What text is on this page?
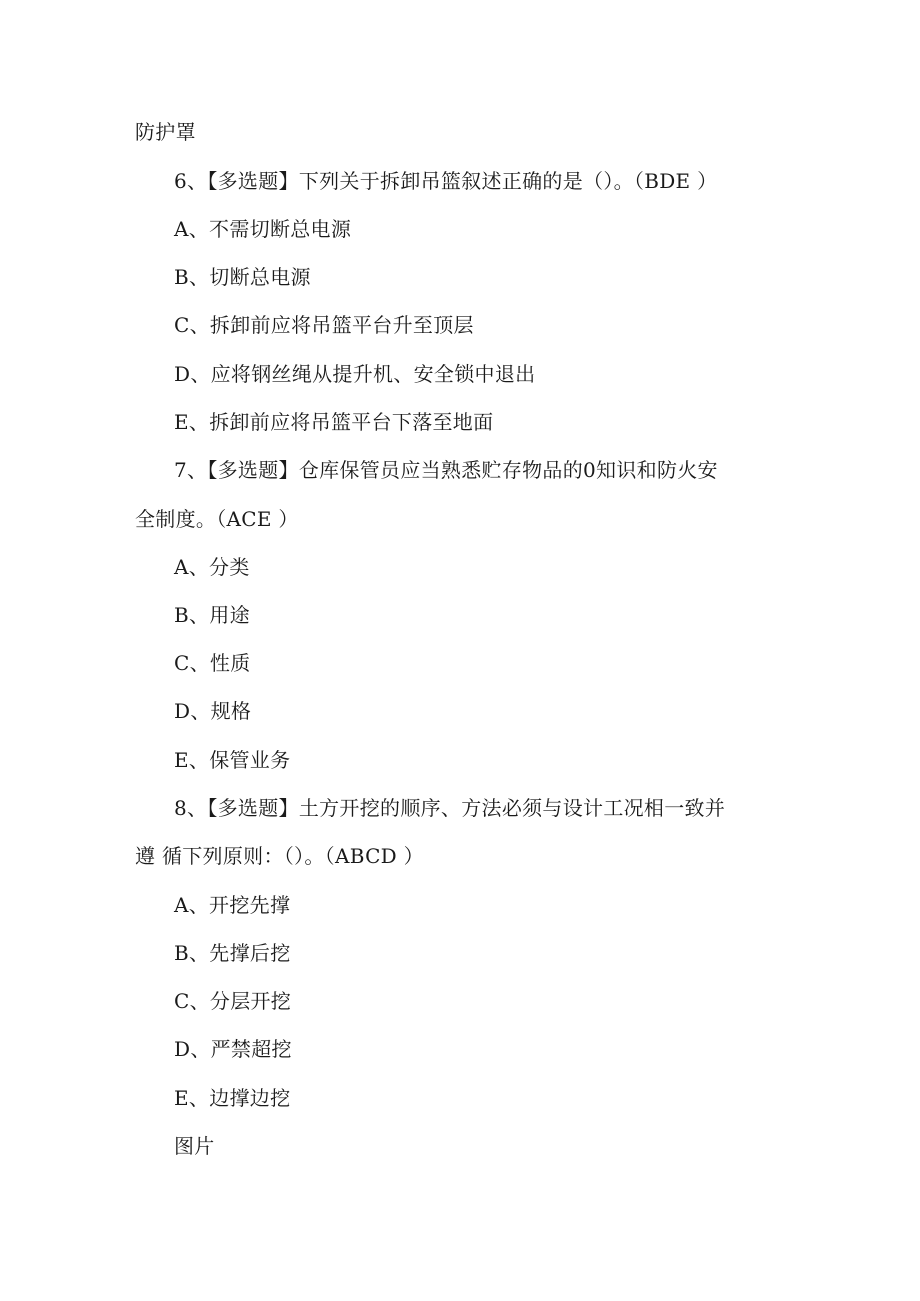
防护罩
6、【多选题】下列关于拆卸吊篮叙述正确的是（）。（BDE ）
A、不需切断总电源
B、切断总电源
C、拆卸前应将吊篮平台升至顶层
D、应将钢丝绳从提升机、安全锁中退出
E、拆卸前应将吊篮平台下落至地面
7、【多选题】仓库保管员应当熟悉贮存物品的0知识和防火安
全制度。（ACE ）
A、分类
B、用途
C、性质
D、规格
E、保管业务
8、【多选题】土方开挖的顺序、方法必须与设计工况相一致并
遵 循下列原则：（）。（ABCD ）
A、开挖先撑
B、先撑后挖
C、分层开挖
D、严禁超挖
E、边撑边挖
图片
